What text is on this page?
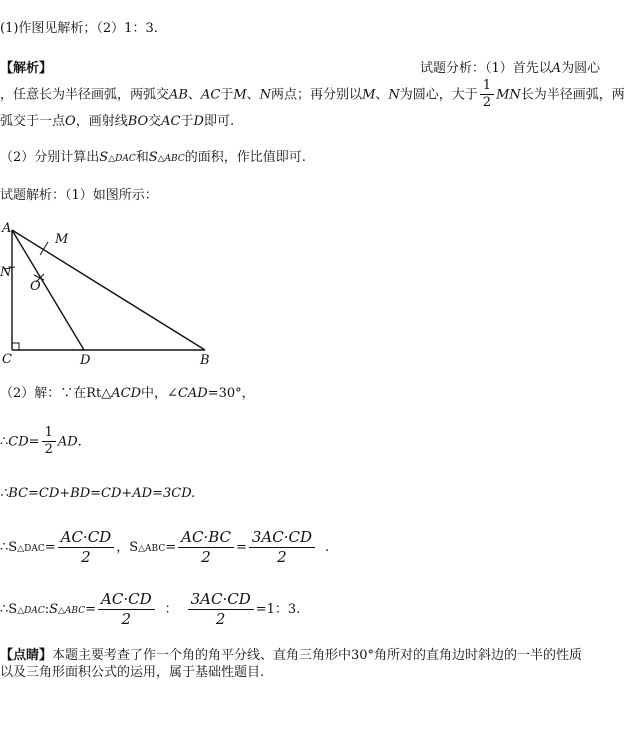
(1)作图见解析；（2）1：3.
【解析】	试题分析：（1）首先以A为圆心
，任意长为半径画弧，两弧交AB、AC于M、N两点；再分别以M、N为圆心，大于 $\frac{1}{2}$ MN长为半径画弧，两
弧交于一点O，画射线BO交AC于D即可.
（2）分别计算出S△DAC和S△ABC的面积，作比值即可.
试题解析：（1）如图所示：
A
M
N
O
C	D	B
（2）解：∵在Rt△ACD中，∠CAD=30°，
∴CD= $\frac{1}{2}$ AD.
∴BC=CD+BD=CD+AD=3CD.
∴S△DAC= $\frac{AC\cdot CD}{2}$ ，S△ABC= $\frac{AC\cdot BC}{2} = \frac{3AC\cdot CD}{2}$ .
∴S△DAC:S△ABC= $\frac{AC\cdot CD}{2}$ ： $\frac{3AC\cdot CD}{2} =1$：3.
【点睛】本题主要考查了作一个角的角平分线、直角三角形中30°角所对的直角边时斜边的一半的性质
以及三角形面积公式的运用，属于基础性题目.
